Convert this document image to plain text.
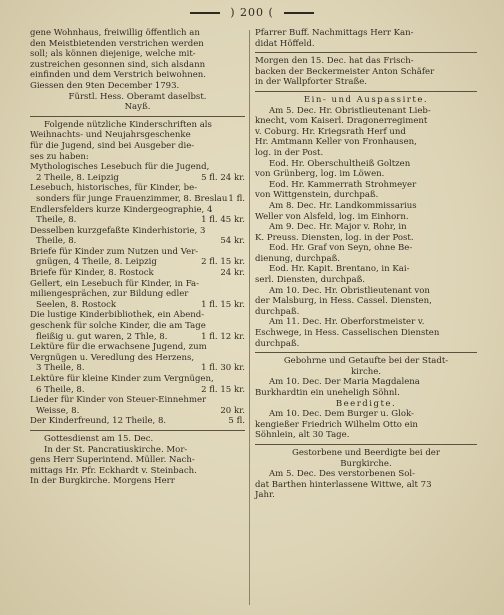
) 200 (

gene Wohnhaus, freiwillig öffentlich an

den Meistbietenden verstrichen werden

soll; als können diejenige, welche mit-

zustreichen gesonnen sind, sich alsdann

einfinden und dem Verstrich beiwohnen.

Giessen den 9ten December 1793.

Fürstl. Hess. Oberamt daselbst.

Nayß.

Folgende nützliche Kinderschriften als

Weihnachts- und Neujahrsgeschenke

für die Jugend, sind bei Ausgeber die-

ses zu haben:

Mythologisches Lesebuch für die Jugend,

2 Theile, 8. Leipzig	5 fl. 24 kr.

Lesebuch, historisches, für Kinder, be-

sonders für junge Frauenzimmer, 8. Breslau 1 fl.

Endlersfelders kurze Kindergeographie, 4

Theile, 8.	1 fl. 45 kr.

Desselben kurzgefaßte Kinderhistorie, 3

Theile, 8.	54 kr.

Briefe für Kinder zum Nutzen und Ver-

gnügen, 4 Theile, 8. Leipzig	2 fl. 15 kr.

Briefe für Kinder, 8. Rostock	24 kr.

Gellert, ein Lesebuch für Kinder, in Fa-

miliengesprächen, zur Bildung edler

Seelen, 8. Rostock	1 fl. 15 kr.

Die lustige Kinderbibliothek, ein Abend-

geschenk für solche Kinder, die am Tage

fleißig u. gut waren, 2 Thle, 8.	1 fl. 12 kr.

Lektüre für die erwachsene Jugend, zum

Vergnügen u. Veredlung des Herzens,

3 Theile, 8.	1 fl. 30 kr.

Lektüre für kleine Kinder zum Vergnügen,

6 Theile, 8.	2 fl. 15 kr.

Lieder für Kinder von Steuer-Einnehmer

Weisse, 8.	20 kr.

Der Kinderfreund, 12 Theile, 8.	5 fl.

Gottesdienst am 15. Dec.

In der St. Pancratiuskirche. Mor-

gens Herr Superintend. Müller. Nach-

mittags Hr. Pfr. Eckhardt v. Steinbach.

In der Burgkirche. Morgens Herr

Pfarrer Buff. Nachmittags Herr Kan-

didat Höffeld.

Morgen den 15. Dec. hat das Frisch-

backen der Beckermeister Anton Schäfer

in der Wallpforter Straße.

Ein- und Auspassirte.

Am 5. Dec. Hr. Obristlieutenant Lieb-

knecht, vom Kaiserl. Dragonerregiment

v. Coburg. Hr. Kriegsrath Herf und

Hr. Amtmann Keller von Fronhausen,

log. in der Post.

Eod. Hr. Oberschultheiß Goltzen

von Grünberg, log. im Löwen.

Eod. Hr. Kammerrath Strohmeyer

von Wittgenstein, durchpaß.

Am 8. Dec. Hr. Landkommissarius

Weller von Alsfeld, log. im Einhorn.

Am 9. Dec. Hr. Major v. Rohr, in

K. Preuss. Diensten, log. in der Post.

Eod. Hr. Graf von Seyn, ohne Be-

dienung, durchpaß.

Eod. Hr. Kapit. Brentano, in Kai-

serl. Diensten, durchpaß.

Am 10. Dec. Hr. Obristlieutenant von

der Malsburg, in Hess. Cassel. Diensten,

durchpaß.

Am 11. Dec. Hr. Oberforstmeister v.

Eschwege, in Hess. Casselischen Diensten

durchpaß.

Gebohrne und Getaufte bei der Stadt-

kirche.

Am 10. Dec. Der Maria Magdalena

Burkhardtin ein uneheligh Söhnl.

Beerdigte.

Am 10. Dec. Dem Burger u. Glok-

kengießer Friedrich Wilhelm Otto ein

Söhnlein, alt 30 Tage.

Gestorbene und Beerdigte bei der

Burgkirche.

Am 5. Dec. Des verstorbenen Sol-

dat Barthen hinterlassene Wittwe, alt 73

Jahr.
